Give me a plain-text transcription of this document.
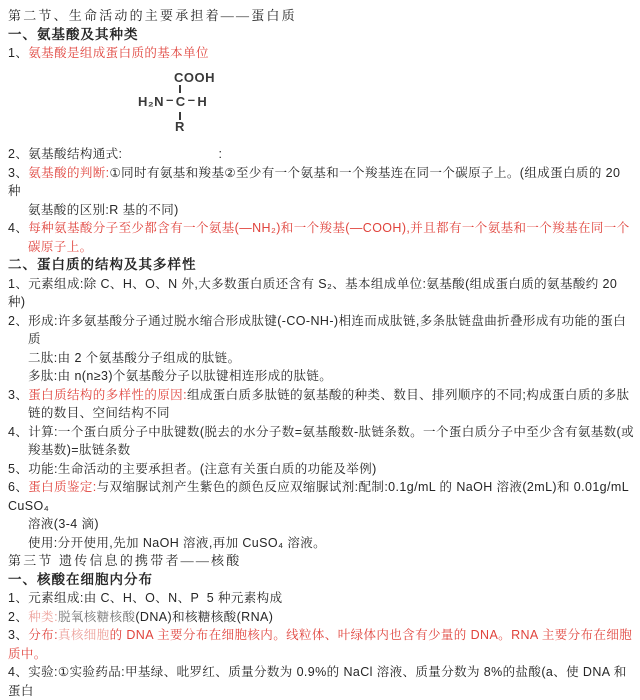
第二节、生命活动的主要承担着——蛋白质
一、氨基酸及其种类
1、氨基酸是组成蛋白质的基本单位
COOH
H₂N – C – H
R
2、氨基酸结构通式:	:
3、氨基酸的判断:①同时有氨基和羧基②至少有一个氨基和一个羧基连在同一个碳原子上。(组成蛋白质的 20 种
氨基酸的区别:R 基的不同)
4、每种氨基酸分子至少都含有一个氨基(—NH₂)和一个羧基(—COOH),并且都有一个氨基和一个羧基在同一个
碳原子上。
二、蛋白质的结构及其多样性
1、元素组成:除 C、H、O、N 外,大多数蛋白质还含有 S₂、基本组成单位:氨基酸(组成蛋白质的氨基酸约 20 种)
2、形成:许多氨基酸分子通过脱水缩合形成肽键(-CO-NH-)相连而成肽链,多条肽链盘曲折叠形成有功能的蛋白
质
二肽:由 2 个氨基酸分子组成的肽链。
多肽:由 n(n≥3)个氨基酸分子以肽键相连形成的肽链。
3、蛋白质结构的多样性的原因:组成蛋白质多肽链的氨基酸的种类、数目、排列顺序的不同;构成蛋白质的多肽
链的数目、空间结构不同
4、计算:一个蛋白质分子中肽键数(脱去的水分子数=氨基酸数-肽链条数。一个蛋白质分子中至少含有氨基数(或
羧基数)=肽链条数
5、功能:生命活动的主要承担者。(注意有关蛋白质的功能及举例)
6、蛋白质鉴定:与双缩脲试剂产生紫色的颜色反应双缩脲试剂:配制:0.1g/mL 的 NaOH 溶液(2mL)和 0.01g/mL CuSO₄
溶液(3-4 滴)
使用:分开使用,先加 NaOH 溶液,再加 CuSO₄ 溶液。
第三节 遗传信息的携带者——核酸
一、核酸在细胞内分布
1、元素组成:由 C、H、O、N、P  5 种元素构成
2、种类:脱氧核糖核酸(DNA)和核糖核酸(RNA)
3、分布:真核细胞的 DNA 主要分布在细胞核内。线粒体、叶绿体内也含有少量的 DNA。RNA 主要分布在细胞质中。
4、实验:①实验药品:甲基绿、吡罗红、质量分数为 0.9%的 NaCl 溶液、质量分数为 8%的盐酸(a、使 DNA 和蛋白
